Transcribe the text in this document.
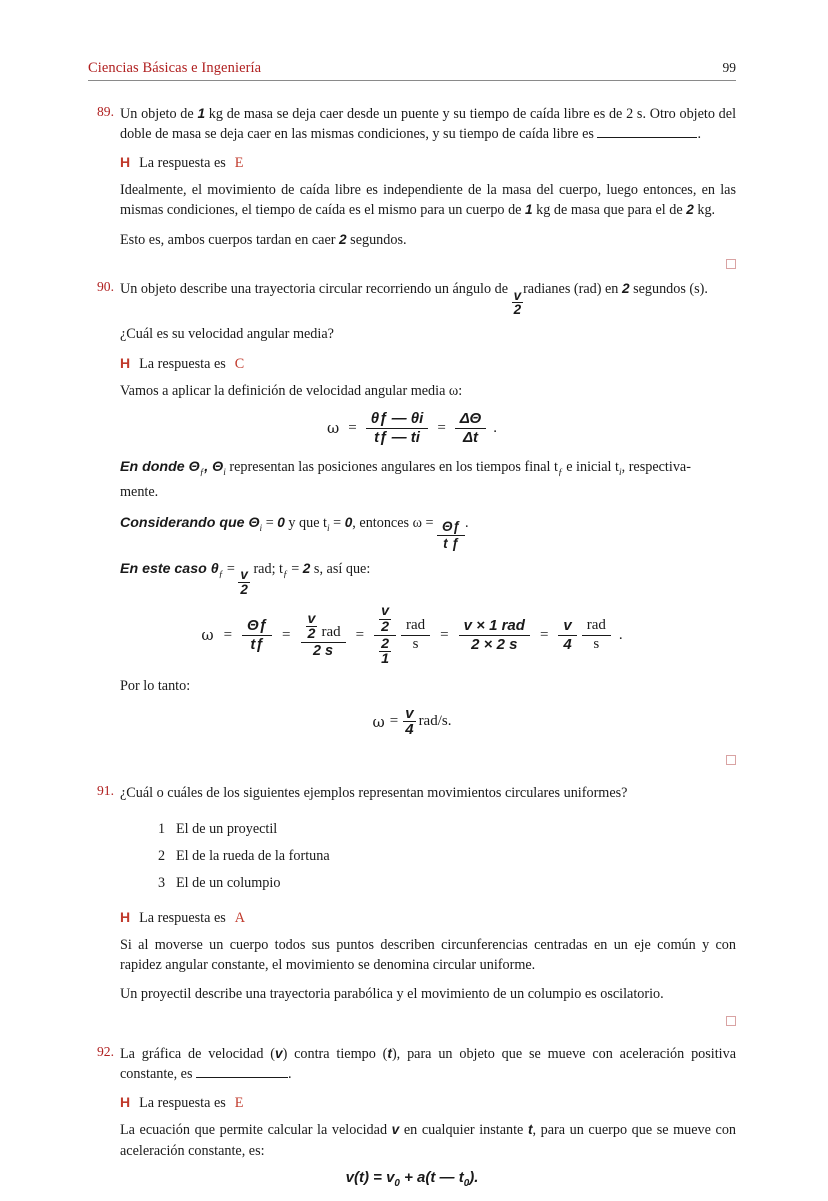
Ciencias Básicas e Ingeniería	99
89. Un objeto de 1 kg de masa se deja caer desde un puente y su tiempo de caída libre es de 2 s. Otro objeto del doble de masa se deja caer en las mismas condiciones, y su tiempo de caída libre es	.
H La respuesta es E

Idealmente, el movimiento de caída libre es independiente de la masa del cuerpo, luego entonces, en las mismas condiciones, el tiempo de caída es el mismo para un cuerpo de 1 kg de masa que para el de 2 kg.

Esto es, ambos cuerpos tardan en caer 2 segundos.

90. Un objeto describe una trayectoria circular recorriendo un ángulo de $\frac{v}{2}$ radianes (rad) en 2 segundos (s).

¿Cuál es su velocidad angular media?

H La respuesta es C

Vamos a aplicar la definición de velocidad angular media ω:

$\omega = \frac{\theta ƒ — \theta i}{tƒ — ti} = \frac{\Delta\Theta}{\Delta t}$ .

En donde $\Theta_ƒ$, $\Theta_i$ representan las posiciones angulares en los tiempos final $t_ƒ$ e inicial $t_i$, respectiva-

mente.

Considerando que $\Theta_i = 0$ y que $t_i = 0$, entonces $\omega = \frac{\Theta ƒ}{\text{t ƒ}}$ .

En este caso $\theta_ƒ = \frac{v}{2}$ rad; $t_ƒ = 2$ s, así que:

$\omega = \frac{\Theta ƒ}{tƒ} = \frac{v}{2}$ rad
2 s
= $\frac{\frac{v}{2}}{\frac{2}{1}}$ rad
s
=
v × 1 rad
2 × 2 s
= $\frac{v}{4}$ rad
s
.

Por lo tanto:

$\omega = \frac{v}{4} rad/s$.
91. ¿Cuál o cuáles de los siguientes ejemplos representan movimientos circulares uniformes?
1 El de un proyectil
2 El de la rueda de la fortuna
3 El de un columpio
H La respuesta es A

Si al moverse un cuerpo todos sus puntos describen circunferencias centradas en un eje común y con rapidez angular constante, el movimiento se denomina circular uniforme.

Un proyectil describe una trayectoria parabólica y el movimiento de un columpio es oscilatorio.

92. La gráfica de velocidad (v) contra tiempo (t), para un objeto que se mueve con aceleración positiva constante, es	.
H La respuesta es E

La ecuación que permite calcular la velocidad v en cualquier instante t, para un cuerpo que se mueve con aceleración constante, es:

$v(t) = v_0 + a(t$ — $t_0$).
